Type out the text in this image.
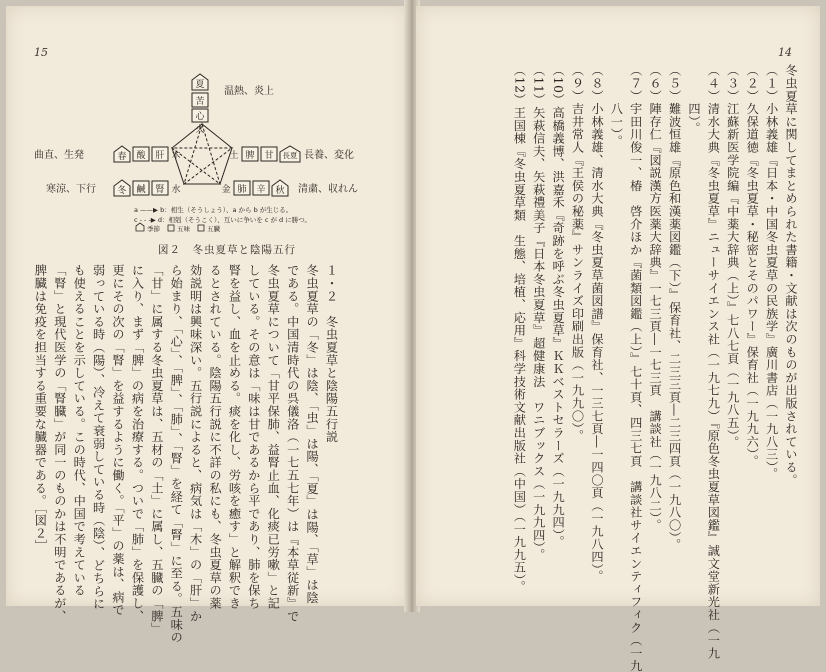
15
夏
苦
心
火
温熱、炎上
春 酸 肝 木
曲直、生発	土 脾 甘 長夏 長養、変化
冬 鹹 腎 水
寒涼、下行	金 肺 辛 秋 清粛、収れん
a ——▶ b：相生（そうしょう）、a から b が生じる。
c - - -▶ d：相剋（そうこく）、互いに争いを c が d に勝つ。
季節	五味	五臓
図２　冬虫夏草と陰陽五行
１・２　冬虫夏草と陰陽五行説
冬虫夏草の「冬」は陰、「虫」は陽、「夏」は陽、「草」は陰
である。中国清時代の呉儀洛（一七五七年）は『本草従新』で
冬虫夏草について「甘平保肺、益腎止血、化痰已労嗽」と記
している。その意は「味は甘であるから平であり、肺を保ち
腎を益し、血を止める。痰を化し、労咳を癒す」と解釈でき
るとされている。陰陽五行説に不詳の私にも、冬虫夏草の薬
効説明は興味深い。五行説によると、病気は「木」の「肝」か
ら始まり、「心」、「脾」、「肺」、「腎」を経て「腎」に至る。五味の
「甘」に属する冬虫夏草は、五材の「土」に属し、五臓の「脾」
に入り、まず「脾」の病を治療する。ついで「肺」を保護し、
更にその次の「腎」を益するように働く。「平」の薬は、病で
弱っている時（陽）、冷えて衰弱している時（陰）、どちらに
も使えることを示している。この時代、中国で考えている
「腎」と現代医学の「腎臓」が同一のものかは不明であるが、
脾臓は免疫を担当する重要な臓器である。［図２］
14
冬虫夏草に関してまとめられた書籍・文献は次のものが出版されている。
（１）小林義雄『日本・中国冬虫夏草の民族学』廣川書店（一九八三）。
（２）久保道徳『冬虫夏草・秘密とそのパワー』保育社（一九九六）。
（３）江蘇新医学院編『中薬大辞典（上）』七八七頁（一九八五）。
（４）清水大典『冬虫夏草』ニューサイエンス社（一九七九）『原色冬虫夏草図鑑』誠文堂新光社（一九
　　　四）。
（５）難波恒雄『原色和漢薬図鑑（下）』保育社、二三三頁―二三四頁（一九八〇）。
（６）陣存仁『図説漢方医薬大辞典』一七三頁―一七三頁　講談社（一九八二）。
（７）宇田川俊一、椿　啓介ほか『菌類図鑑（上）』七十頁、四三七頁　講談社サイエンティフィク（一九
　　　八一）。
（８）小林義雄、清水大典『冬虫夏草菌図譜』保育社、一三七頁―一四〇頁（一九八四）。
（９）吉井常人『王侯の秘薬』サンライズ印刷出版（一九九〇）。
（10）高橋義博、洪嘉禾『奇跡を呼ぶ冬虫夏草』ＫＫベストセラーズ（一九九四）。
（11）矢萩信夫、矢萩禮美子『日本冬虫夏草』超健康法　ワニブックス（一九九四）。
（12）王国棟『冬虫夏草類　生態、培植、応用』科学技術文献出版社（中国）（一九九五）。
